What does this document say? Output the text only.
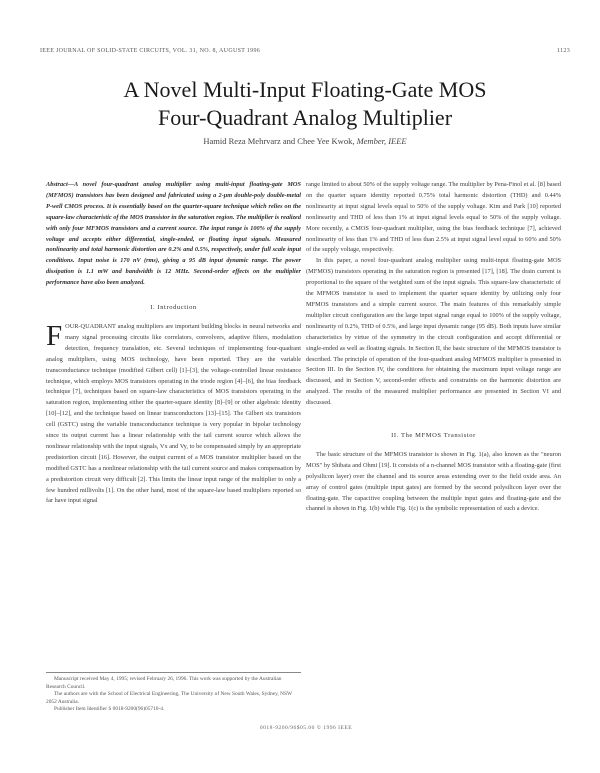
IEEE JOURNAL OF SOLID-STATE CIRCUITS, VOL. 31, NO. 8, AUGUST 1996	1123
A Novel Multi-Input Floating-Gate MOS
Four-Quadrant Analog Multiplier
Hamid Reza Mehrvarz and Chee Yee Kwok, Member, IEEE

Abstract—A novel four-quadrant analog multiplier using multi-input floating-gate MOS (MFMOS) transistors has been designed and fabricated using a 2-μm double-poly double-metal P-well CMOS process. It is essentially based on the quarter-square technique which relies on the square-law characteristic of the MOS transistor in the saturation region. The multiplier is realized with only four MFMOS transistors and a current source. The input range is 100% of the supply voltage and accepts either differential, single-ended, or floating input signals. Measured nonlinearity and total harmonic distortion are 0.2% and 0.5%, respectively, under full scale input conditions. Input noise is 170 nV (rms), giving a 95 dB input dynamic range. The power dissipation is 1.1 mW and bandwidth is 12 MHz. Second-order effects on the multiplier performance have also been analyzed.

I. Introduction

FOUR-QUADRANT analog multipliers are important building blocks in neural networks and many signal processing circuits like correlators, convolvers, adaptive filters, modulation detection, frequency translation, etc. Several techniques of implementing four-quadrant analog multipliers, using MOS technology, have been reported. They are the variable transconductance technique (modified Gilbert cell) [1]–[3], the voltage-controlled linear resistance technique, which employs MOS transistors operating in the triode region [4]–[6], the bias feedback technique [7], techniques based on square-law characteristics of MOS transistors operating in the saturation region, implementing either the quarter-square identity [8]–[9] or other algebraic identity [10]–[12], and the technique based on linear transconductors [13]–[15]. The Gilbert six transistors cell (GSTC) using the variable transconductance technique is very popular in bipolar technology since its output current has a linear relationship with the tail current source which allows the nonlinear relationship with the input signals, Vx and Vy, to be compensated simply by an appropriate predistortion circuit [16]. However, the output current of a MOS transistor multiplier based on the modified GSTC has a nonlinear relationship with the tail current source and makes compensation by a predistortion circuit very difficult [2]. This limits the linear input range of the multiplier to only a few hundred millivolts [1]. On the other hand, most of the square-law based multipliers reported so far have input signal

range limited to about 50% of the supply voltage range. The multiplier by Pena-Finol et al. [8] based on the quarter square identity reported 0.75% total harmonic distortion (THD) and 0.44% nonlinearity at input signal levels equal to 50% of the supply voltage. Kim and Park [10] reported nonlinearity and THD of less than 1% at input signal levels equal to 50% of the supply voltage. More recently, a CMOS four-quadrant multiplier, using the bias feedback technique [7], achieved nonlinearity of less than 1% and THD of less than 2.5% at input signal level equal to 60% and 50% of the supply voltage, respectively.

In this paper, a novel four-quadrant analog multiplier using multi-input floating-gate MOS (MFMOS) transistors operating in the saturation region is presented [17], [18]. The drain current is proportional to the square of the weighted sum of the input signals. This square-law characteristic of the MFMOS transistor is used to implement the quarter square identity by utilizing only four MFMOS transistors and a simple current source. The main features of this remarkably simple multiplier circuit configuration are the large input signal range equal to 100% of the supply voltage, nonlinearity of 0.2%, THD of 0.5%, and large input dynamic range (95 dB). Both inputs have similar characteristics by virtue of the symmetry in the circuit configuration and accept differential or single-ended as well as floating signals. In Section II, the basic structure of the MFMOS transistor is described. The principle of operation of the four-quadrant analog MFMOS multiplier is presented in Section III. In the Section IV, the conditions for obtaining the maximum input voltage range are discussed, and in Section V, second-order effects and constraints on the harmonic distortion are analyzed. The results of the measured multiplier performance are presented in Section VI and discussed.

II. The MFMOS Transistor

The basic structure of the MFMOS transistor is shown in Fig. 1(a), also known as the "neuron MOS" by Shibata and Ohmi [19]. It consists of a n-channel MOS transistor with a floating-gate (first polysilicon layer) over the channel and its source areas extending over to the field oxide area. An array of control gates (multiple input gates) are formed by the second polysilicon layer over the floating-gate. The capacitive coupling between the multiple input gates and floating-gate and the channel is shown in Fig. 1(b) while Fig. 1(c) is the symbolic representation of such a device.

Manuscript received May 4, 1995; revised February 26, 1996. This work was supported by the Australian Research Council.

The authors are with the School of Electrical Engineering, The University of New South Wales, Sydney, NSW 2052 Australia.

Publisher Item Identifier S 0018-9200(96)05710-4.

0018-9200/96$05.00 © 1996 IEEE
